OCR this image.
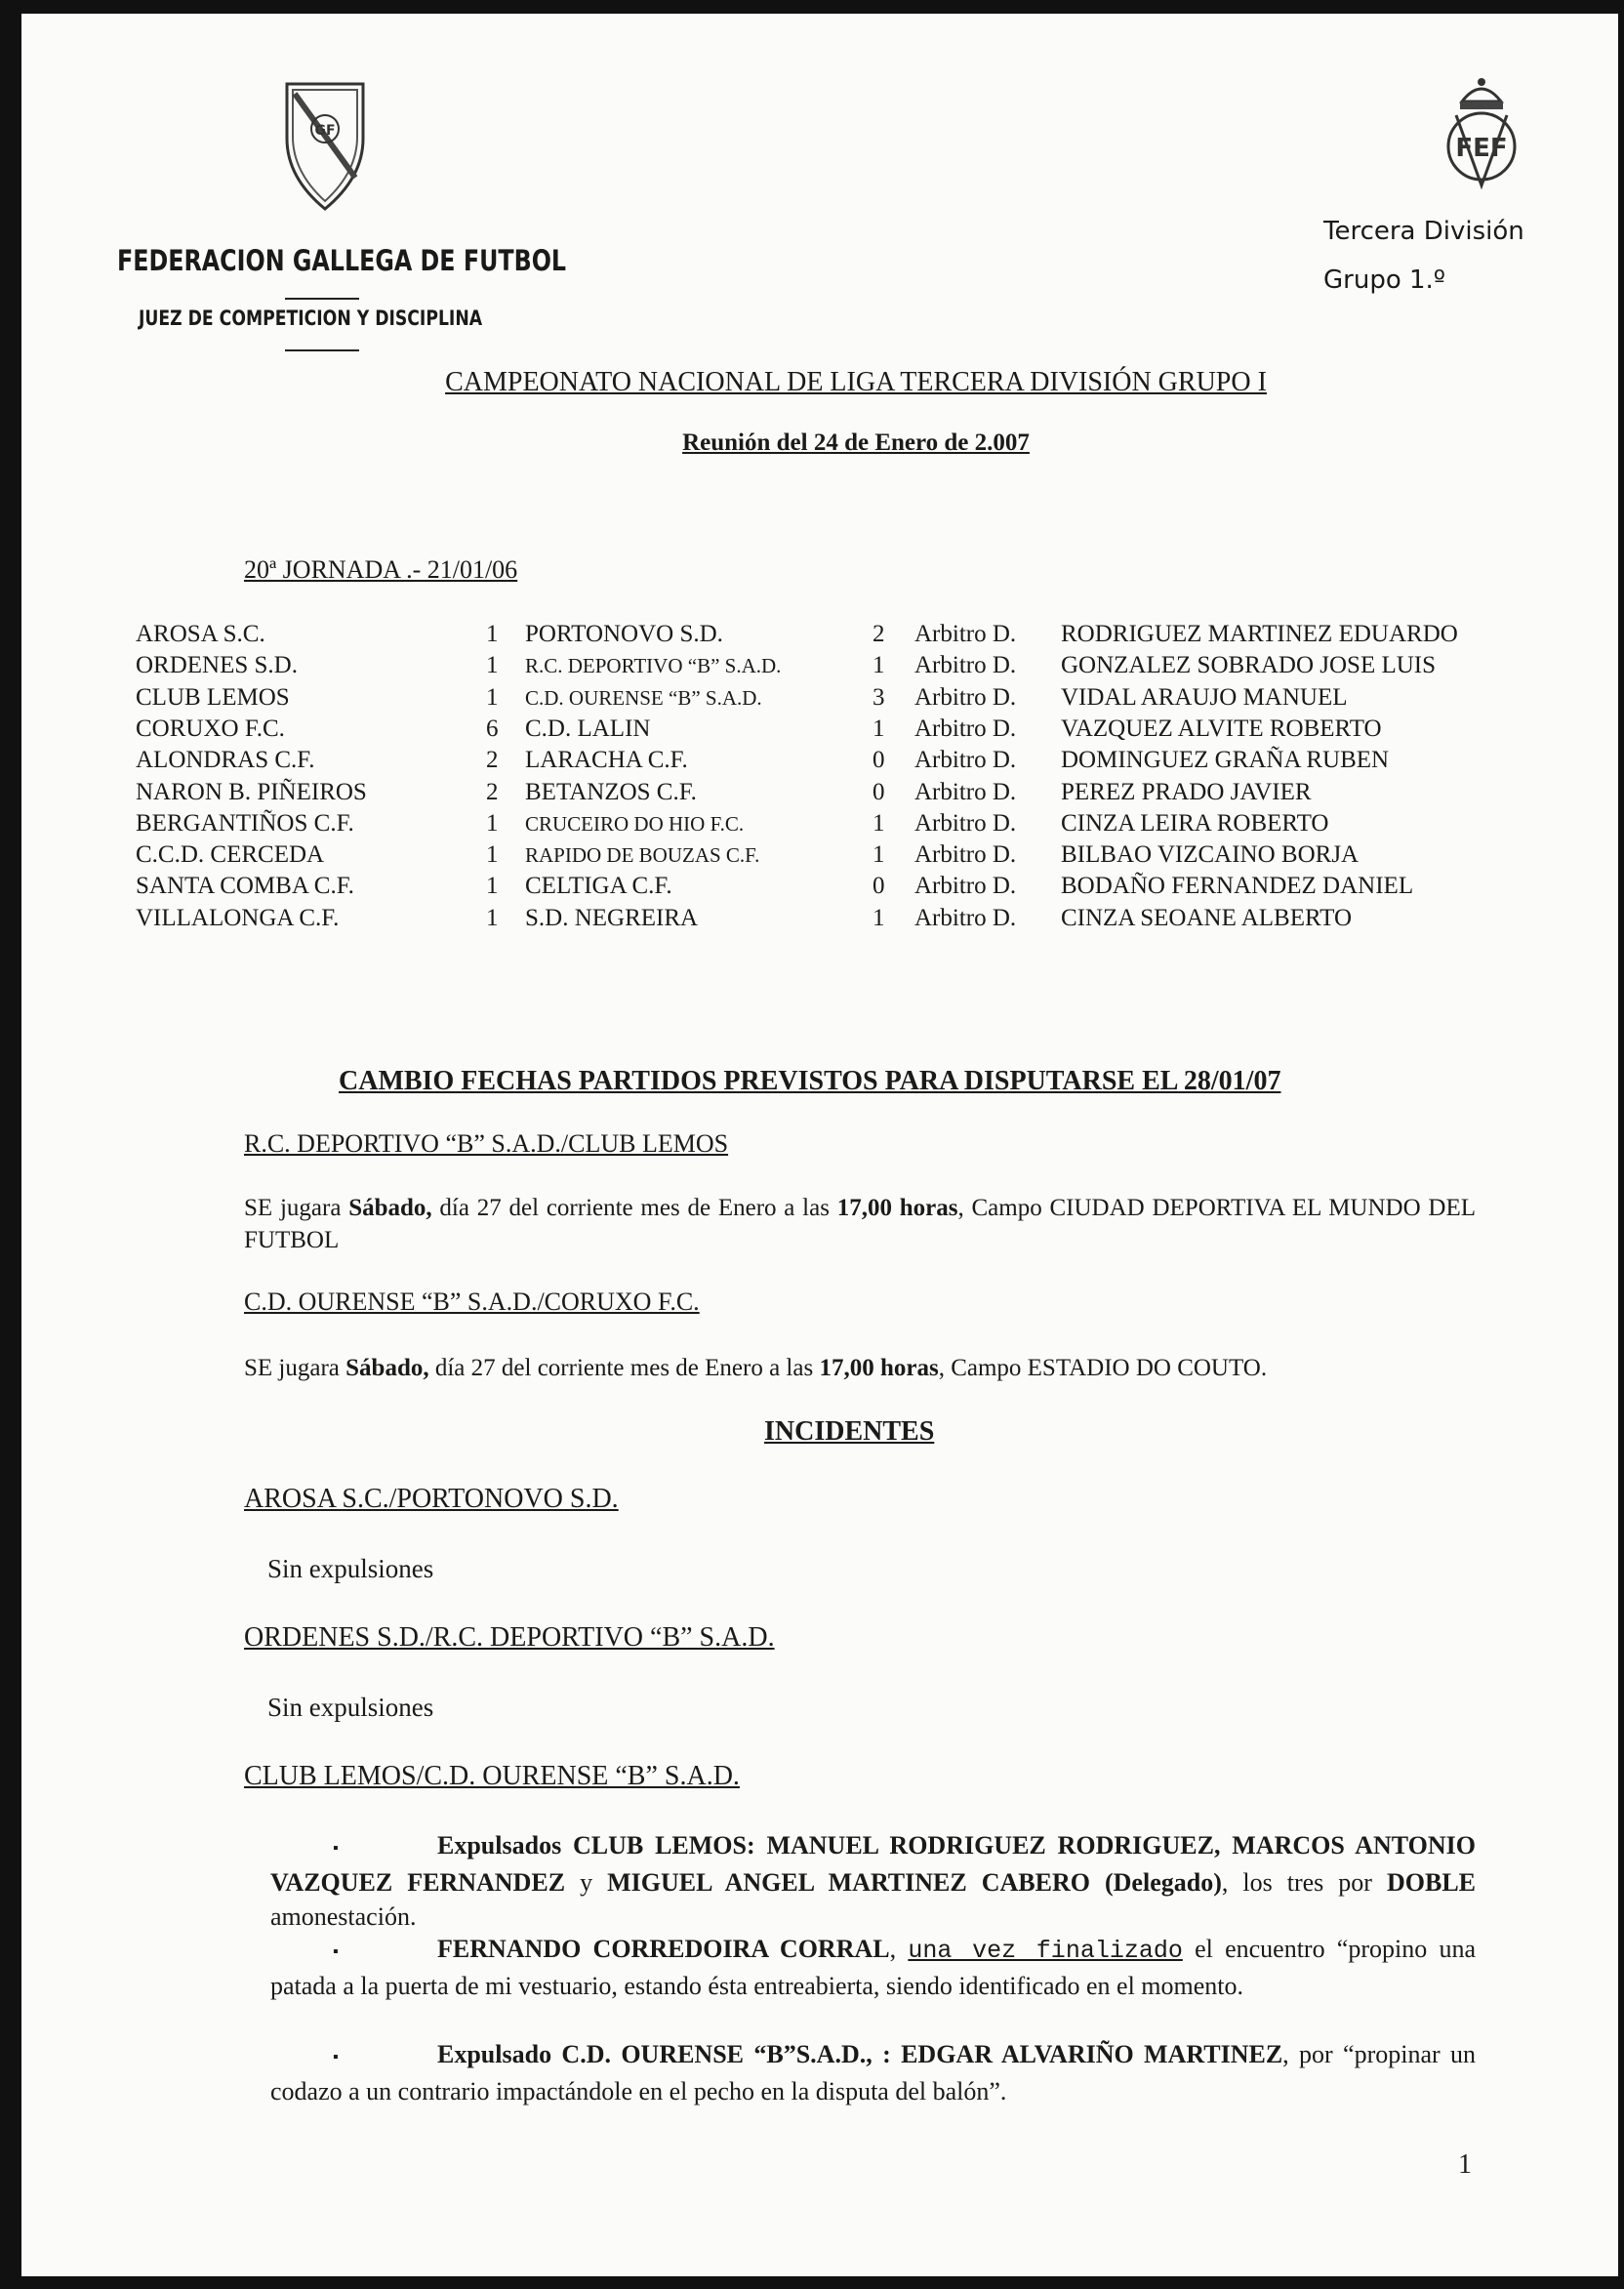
GF
FEDERACION GALLEGA DE FUTBOL
JUEZ DE COMPETICION Y DISCIPLINA
FEF
Tercera División
Grupo 1.º
CAMPEONATO NACIONAL DE LIGA TERCERA DIVISIÓN GRUPO I
Reunión del 24 de Enero de 2.007
20ª JORNADA .- 21/01/06
AROSA S.C.	1 PORTONOVO S.D.	2 Arbitro D. RODRIGUEZ MARTINEZ EDUARDO
ORDENES S.D.	1 R.C. DEPORTIVO “B” S.A.D.	1 Arbitro D. GONZALEZ SOBRADO JOSE LUIS
CLUB LEMOS	1 C.D. OURENSE “B” S.A.D.	3 Arbitro D. VIDAL ARAUJO MANUEL
CORUXO F.C.	6 C.D. LALIN	1 Arbitro D. VAZQUEZ ALVITE ROBERTO
ALONDRAS C.F.	2 LARACHA C.F.	0 Arbitro D. DOMINGUEZ GRAÑA RUBEN
NARON B. PIÑEIROS	2 BETANZOS C.F.	0 Arbitro D. PEREZ PRADO JAVIER
BERGANTIÑOS C.F.	1 CRUCEIRO DO HIO F.C.	1 Arbitro D. CINZA LEIRA ROBERTO
C.C.D. CERCEDA	1 RAPIDO DE BOUZAS C.F.	1 Arbitro D. BILBAO VIZCAINO BORJA
SANTA COMBA C.F.	1 CELTIGA C.F.	0 Arbitro D. BODAÑO FERNANDEZ DANIEL
VILLALONGA C.F.	1 S.D. NEGREIRA	1 Arbitro D. CINZA SEOANE ALBERTO
CAMBIO FECHAS PARTIDOS PREVISTOS PARA DISPUTARSE EL 28/01/07
R.C. DEPORTIVO “B” S.A.D./CLUB LEMOS
SE jugara Sábado, día 27 del corriente mes de Enero a las 17,00 horas, Campo CIUDAD DEPORTIVA EL MUNDO DEL FUTBOL
C.D. OURENSE “B” S.A.D./CORUXO F.C.
SE jugara Sábado, día 27 del corriente mes de Enero a las 17,00 horas, Campo ESTADIO DO COUTO.
INCIDENTES
AROSA S.C./PORTONOVO S.D.
Sin expulsiones
ORDENES S.D./R.C. DEPORTIVO “B” S.A.D.
Sin expulsiones
CLUB LEMOS/C.D. OURENSE “B” S.A.D.
▪	Expulsados CLUB LEMOS: MANUEL RODRIGUEZ RODRIGUEZ, MARCOS ANTONIO VAZQUEZ FERNANDEZ y MIGUEL ANGEL MARTINEZ CABERO (Delegado), los tres por DOBLE amonestación.
▪	FERNANDO CORREDOIRA CORRAL, una vez finalizado el encuentro “propino una patada a la puerta de mi vestuario, estando ésta entreabierta, siendo identificado en el momento.
▪	Expulsado C.D. OURENSE “B”S.A.D., : EDGAR ALVARIÑO MARTINEZ, por “propinar un codazo a un contrario impactándole en el pecho en la disputa del balón”.
1
